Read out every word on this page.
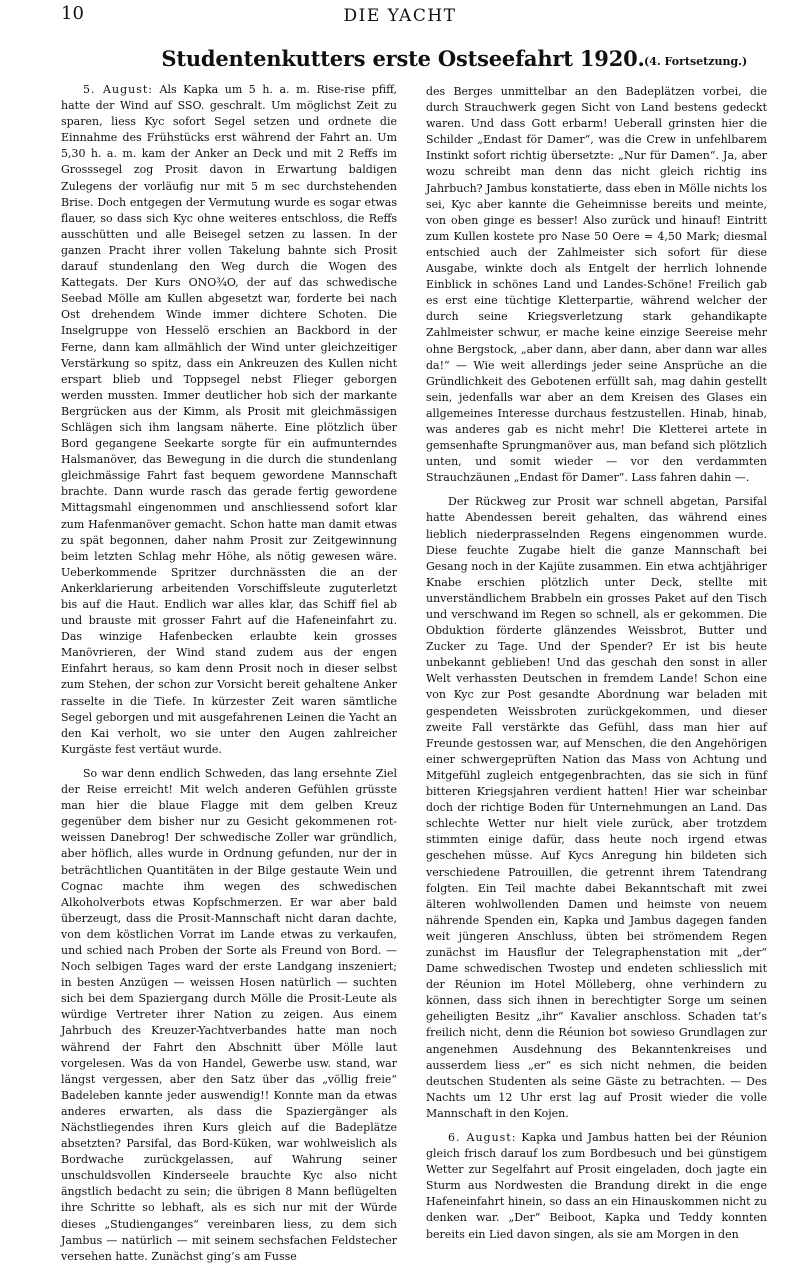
10	DIE YACHT
Studentenkutters erste Ostseefahrt 1920. (4. Fortsetzung.)

5. August: Als Kapka um 5 h. a. m. Rise-rise pfiff, hatte der Wind auf SSO. geschralt. Um möglichst Zeit zu sparen, liess Kyc sofort Segel setzen und ordnete die Einnahme des Frühstücks erst während der Fahrt an. Um 5,30 h. a. m. kam der Anker an Deck und mit 2 Reffs im Grosssegel zog Prosit davon in Erwartung baldigen Zulegens der vorläufig nur mit 5 m sec durchstehenden Brise. Doch entgegen der Vermutung wurde es sogar etwas flauer, so dass sich Kyc ohne weiteres entschloss, die Reffs ausschütten und alle Beisegel setzen zu lassen. In der ganzen Pracht ihrer vollen Takelung bahnte sich Prosit darauf stundenlang den Weg durch die Wogen des Kattegats. Der Kurs ONO¾O, der auf das schwedische Seebad Mölle am Kullen abgesetzt war, forderte bei nach Ost drehendem Winde immer dichtere Schoten. Die Inselgruppe von Hesselö erschien an Backbord in der Ferne, dann kam allmählich der Wind unter gleichzeitiger Verstärkung so spitz, dass ein Ankreuzen des Kullen nicht erspart blieb und Toppsegel nebst Flieger geborgen werden mussten. Immer deutlicher hob sich der markante Bergrücken aus der Kimm, als Prosit mit gleichmässigen Schlägen sich ihm langsam näherte. Eine plötzlich über Bord gegangene Seekarte sorgte für ein aufmunterndes Halsmanöver, das Bewegung in die durch die stundenlang gleichmässige Fahrt fast bequem gewordene Mannschaft brachte. Dann wurde rasch das gerade fertig gewordene Mittagsmahl eingenommen und anschliessend sofort klar zum Hafenmanöver gemacht. Schon hatte man damit etwas zu spät begonnen, daher nahm Prosit zur Zeitgewinnung beim letzten Schlag mehr Höhe, als nötig gewesen wäre. Ueberkommende Spritzer durchnässten die an der Ankerklarierung arbeitenden Vorschiffsleute zuguterletzt bis auf die Haut. Endlich war alles klar, das Schiff fiel ab und brauste mit grosser Fahrt auf die Hafeneinfahrt zu. Das winzige Hafenbecken erlaubte kein grosses Manövrieren, der Wind stand zudem aus der engen Einfahrt heraus, so kam denn Prosit noch in dieser selbst zum Stehen, der schon zur Vorsicht bereit gehaltene Anker rasselte in die Tiefe. In kürzester Zeit waren sämtliche Segel geborgen und mit ausgefahrenen Leinen die Yacht an den Kai verholt, wo sie unter den Augen zahlreicher Kurgäste fest vertäut wurde.

So war denn endlich Schweden, das lang ersehnte Ziel der Reise erreicht! Mit welch anderen Gefühlen grüsste man hier die blaue Flagge mit dem gelben Kreuz gegenüber dem bisher nur zu Gesicht gekommenen rot-weissen Danebrog! Der schwedische Zoller war gründlich, aber höflich, alles wurde in Ordnung gefunden, nur der in beträchtlichen Quantitäten in der Bilge gestaute Wein und Cognac machte ihm wegen des schwedischen Alkoholverbots etwas Kopfschmerzen. Er war aber bald überzeugt, dass die Prosit-Mannschaft nicht daran dachte, von dem köstlichen Vorrat im Lande etwas zu verkaufen, und schied nach Proben der Sorte als Freund von Bord. — Noch selbigen Tages ward der erste Landgang inszeniert; in besten Anzügen — weissen Hosen natürlich — suchten sich bei dem Spaziergang durch Mölle die Prosit-Leute als würdige Vertreter ihrer Nation zu zeigen. Aus einem Jahrbuch des Kreuzer-Yachtverbandes hatte man noch während der Fahrt den Abschnitt über Mölle laut vorgelesen. Was da von Handel, Gewerbe usw. stand, war längst vergessen, aber den Satz über das „völlig freie“ Badeleben kannte jeder auswendig!! Konnte man da etwas anderes erwarten, als dass die Spaziergänger als Nächstliegendes ihren Kurs gleich auf die Badeplätze absetzten? Parsifal, das Bord-Küken, war wohlweislich als Bordwache zurückgelassen, auf Wahrung seiner unschuldsvollen Kinderseele brauchte Kyc also nicht ängstlich bedacht zu sein; die übrigen 8 Mann beflügelten ihre Schritte so lebhaft, als es sich nur mit der Würde dieses „Studienganges“ vereinbaren liess, zu dem sich Jambus — natürlich — mit seinem sechsfachen Feldstecher versehen hatte. Zunächst ging’s am Fusse

des Berges unmittelbar an den Badeplätzen vorbei, die durch Strauchwerk gegen Sicht von Land bestens gedeckt waren. Und dass Gott erbarm! Ueberall grinsten hier die Schilder „Endast för Damer“, was die Crew in unfehlbarem Instinkt sofort richtig übersetzte: „Nur für Damen“. Ja, aber wozu schreibt man denn das nicht gleich richtig ins Jahrbuch? Jambus konstatierte, dass eben in Mölle nichts los sei, Kyc aber kannte die Geheimnisse bereits und meinte, von oben ginge es besser! Also zurück und hinauf! Eintritt zum Kullen kostete pro Nase 50 Oere = 4,50 Mark; diesmal entschied auch der Zahlmeister sich sofort für diese Ausgabe, winkte doch als Entgelt der herrlich lohnende Einblick in schönes Land und Landes-Schöne! Freilich gab es erst eine tüchtige Kletterpartie, während welcher der durch seine Kriegsverletzung stark gehandikapte Zahlmeister schwur, er mache keine einzige Seereise mehr ohne Bergstock, „aber dann, aber dann, aber dann war alles da!“ — Wie weit allerdings jeder seine Ansprüche an die Gründlichkeit des Gebotenen erfüllt sah, mag dahin gestellt sein, jedenfalls war aber an dem Kreisen des Glases ein allgemeines Interesse durchaus festzustellen. Hinab, hinab, was anderes gab es nicht mehr! Die Kletterei artete in gemsenhafte Sprungmanöver aus, man befand sich plötzlich unten, und somit wieder — vor den verdammten Strauchzäunen „Endast för Damer“. Lass fahren dahin —.

Der Rückweg zur Prosit war schnell abgetan, Parsifal hatte Abendessen bereit gehalten, das während eines lieblich niederprasselnden Regens eingenommen wurde. Diese feuchte Zugabe hielt die ganze Mannschaft bei Gesang noch in der Kajüte zusammen. Ein etwa achtjähriger Knabe erschien plötzlich unter Deck, stellte mit unverständlichem Brabbeln ein grosses Paket auf den Tisch und verschwand im Regen so schnell, als er gekommen. Die Obduktion förderte glänzendes Weissbrot, Butter und Zucker zu Tage. Und der Spender? Er ist bis heute unbekannt geblieben! Und das geschah den sonst in aller Welt verhassten Deutschen in fremdem Lande! Schon eine von Kyc zur Post gesandte Abordnung war beladen mit gespendeten Weissbroten zurückgekommen, und dieser zweite Fall verstärkte das Gefühl, dass man hier auf Freunde gestossen war, auf Menschen, die den Angehörigen einer schwergeprüften Nation das Mass von Achtung und Mitgefühl zugleich entgegenbrachten, das sie sich in fünf bitteren Kriegsjahren verdient hatten! Hier war scheinbar doch der richtige Boden für Unternehmungen an Land. Das schlechte Wetter nur hielt viele zurück, aber trotzdem stimmten einige dafür, dass heute noch irgend etwas geschehen müsse. Auf Kycs Anregung hin bildeten sich verschiedene Patrouillen, die getrennt ihrem Tatendrang folgten. Ein Teil machte dabei Bekanntschaft mit zwei älteren wohlwollenden Damen und heimste von neuem nährende Spenden ein, Kapka und Jambus dagegen fanden weit jüngeren Anschluss, übten bei strömendem Regen zunächst im Hausflur der Telegraphenstation mit „der“ Dame schwedischen Twostep und endeten schliesslich mit der Réunion im Hotel Mölleberg, ohne verhindern zu können, dass sich ihnen in berechtigter Sorge um seinen geheiligten Besitz „ihr“ Kavalier anschloss. Schaden tat’s freilich nicht, denn die Réunion bot sowieso Grundlagen zur angenehmen Ausdehnung des Bekanntenkreises und ausserdem liess „er“ es sich nicht nehmen, die beiden deutschen Studenten als seine Gäste zu betrachten. — Des Nachts um 12 Uhr erst lag auf Prosit wieder die volle Mannschaft in den Kojen.

6. August: Kapka und Jambus hatten bei der Réunion gleich frisch darauf los zum Bordbesuch und bei günstigem Wetter zur Segelfahrt auf Prosit eingeladen, doch jagte ein Sturm aus Nordwesten die Brandung direkt in die enge Hafeneinfahrt hinein, so dass an ein Hinauskommen nicht zu denken war. „Der“ Beiboot, Kapka und Teddy konnten bereits ein Lied davon singen, als sie am Morgen in den
